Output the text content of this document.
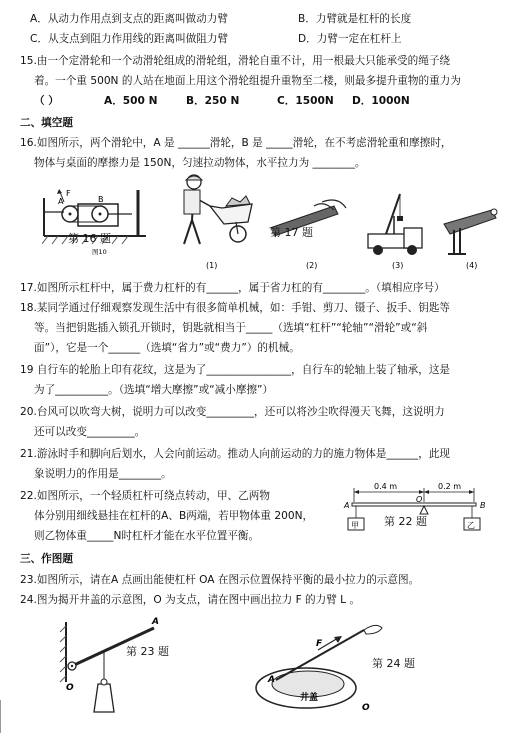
A．从动力作用点到支点的距离叫做动力臂	B．力臂就是杠杆的长度
C．从支点到阻力作用线的距离叫做阻力臂	D．力臂一定在杠杆上
15.由一个定滑轮和一个动滑轮组成的滑轮组，滑轮自重不计，用一根最大只能承受的绳子绕
着。一个重 500N 的人站在地面上用这个滑轮组提升重物至二楼，则最多提升重物的重力为
（ ）	A．500 N	B．250 N	C．1500N D．1000N
二、填空题
16.如图所示，两个滑轮中，A 是 ______滑轮，B 是 _____滑轮，在不考虑滑轮重和摩擦时，
物体与桌面的摩擦力是 150N，匀速拉动物体，水平拉力为 ________。
F
A	B
图10
第 16 题
(1)	(2)
第 17 题
(3)	(4)
17.如图所示杠杆中，属于费力杠杆的有______，属于省力杠的有________。（填相应序号）
18.某同学通过仔细观察发现生活中有很多简单机械，如：手钳、剪刀、镊子、扳手、钥匙等
等。当把钥匙插入锁孔开锁时，钥匙就相当于_____（选填“杠杆”“轮轴”“滑轮”或“斜
面”），它是一个______（选填“省力”或“费力”）的机械。
19 自行车的轮胎上印有花纹，这是为了________________，自行车的轮轴上装了轴承，这是
为了__________。（选填“增大摩擦”或“减小摩擦”）
20.台风可以吹弯大树，说明力可以改变_________，还可以将沙尘吹得漫天飞舞，这说明力
还可以改变_________。
21.游泳时手和脚向后划水，人会向前运动。推动人向前运动的力的施力物体是______，此现
象说明力的作用是________。
22.如图所示，一个轻质杠杆可绕点转动，甲、乙两物
体分别用细线悬挂在杠杆的A、B两端，若甲物体重 200N，
则乙物体重_____N时杠杆才能在水平位置平衡。
0.4 m	0.2 m
A
O
B
甲	乙
第 22 题
三、作图题
23.如图所示，请在A 点画出能使杠杆 OA 在图示位置保持平衡的最小拉力的示意图。
24.图为揭开井盖的示意图，O 为支点，请在图中画出拉力 F 的力臂 L 。
A
O
第 23 题
F
A
井盖
O
第 24 题
